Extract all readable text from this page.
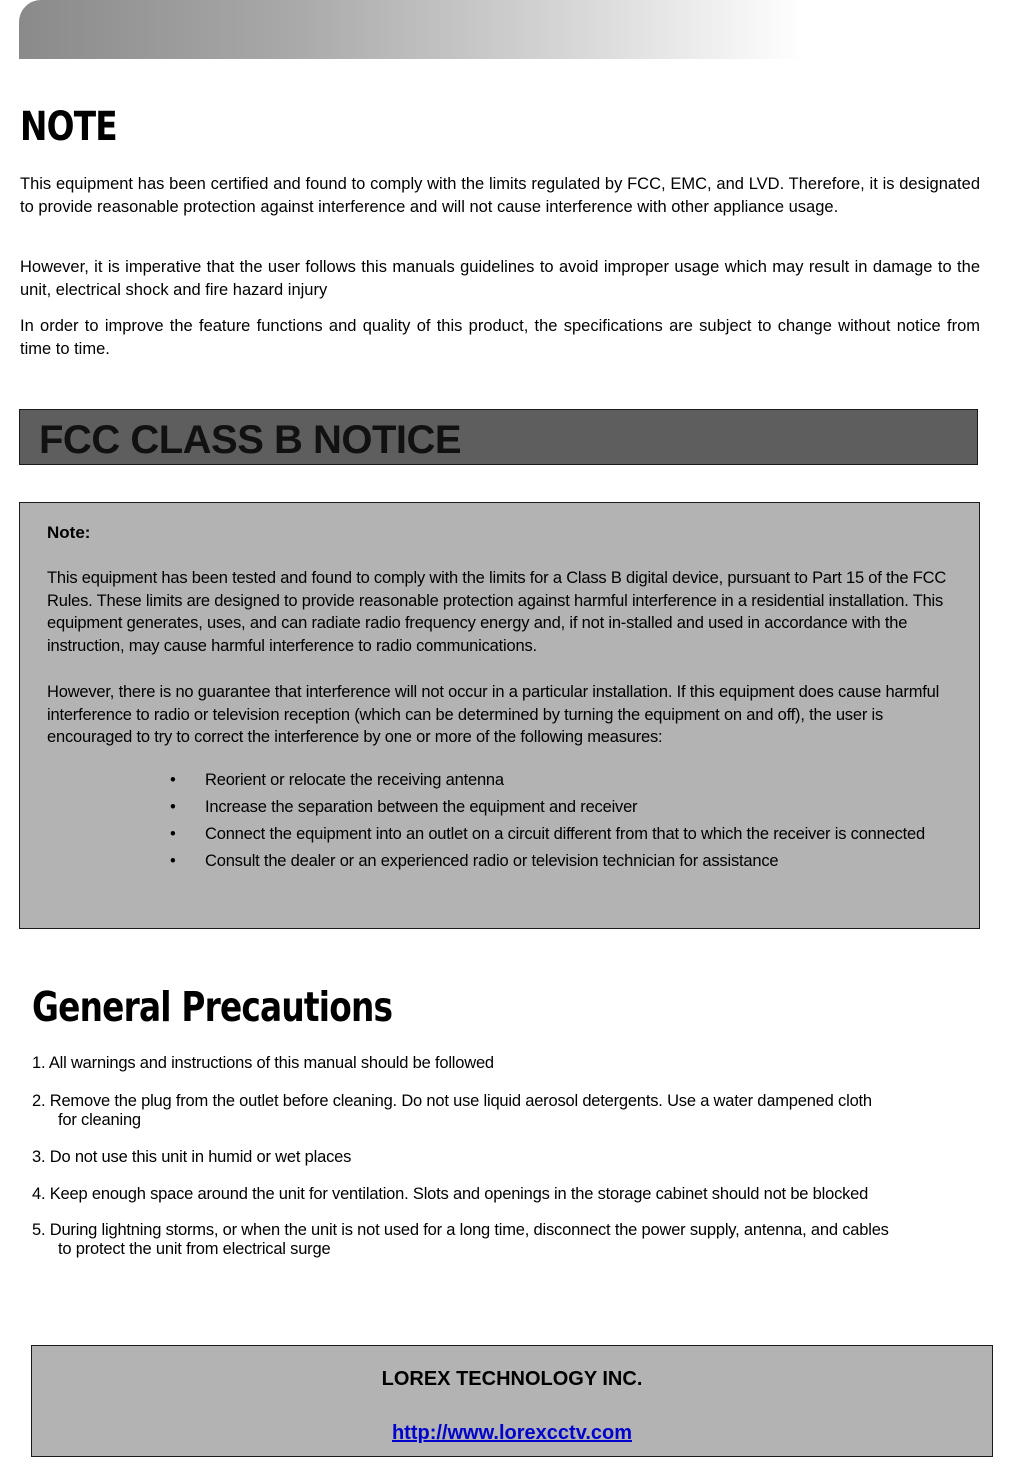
NOTE

This equipment has been certified and found to comply with the limits regulated by FCC, EMC, and LVD. Therefore, it is designated to provide reasonable protection against interference and will not cause interference with other appliance usage.

However, it is imperative that the user follows this manuals guidelines to avoid improper usage which may result in damage to the unit, electrical shock and fire hazard injury

In order to improve the feature functions and quality of this product, the specifications are subject to change without notice from time to time.

FCC CLASS B NOTICE

Note:

This equipment has been tested and found to comply with the limits for a Class B digital device, pursuant to Part 15 of the FCC Rules. These limits are designed to provide reasonable protection against harmful interference in a residential installation. This equipment generates, uses, and can radiate radio frequency energy and, if not in-stalled and used in accordance with the instruction, may cause harmful interference to radio communications.

However, there is no guarantee that interference will not occur in a particular installation. If this equipment does cause harmful interference to radio or television reception (which can be determined by turning the equipment on and off), the user is encouraged to try to correct the interference by one or more of the following measures:

• Reorient or relocate the receiving antenna
• Increase the separation between the equipment and receiver
• Connect the equipment into an outlet on a circuit different from that to which the receiver is connected
• Consult the dealer or an experienced radio or television technician for assistance
General Precautions
1. All warnings and instructions of this manual should be followed
2. Remove the plug from the outlet before cleaning. Do not use liquid aerosol detergents. Use a water dampened cloth
for cleaning
3. Do not use this unit in humid or wet places
4. Keep enough space around the unit for ventilation. Slots and openings in the storage cabinet should not be blocked
5. During lightning storms, or when the unit is not used for a long time, disconnect the power supply, antenna, and cables
to protect the unit from electrical surge

LOREX TECHNOLOGY INC.

http://www.lorexcctv.com
